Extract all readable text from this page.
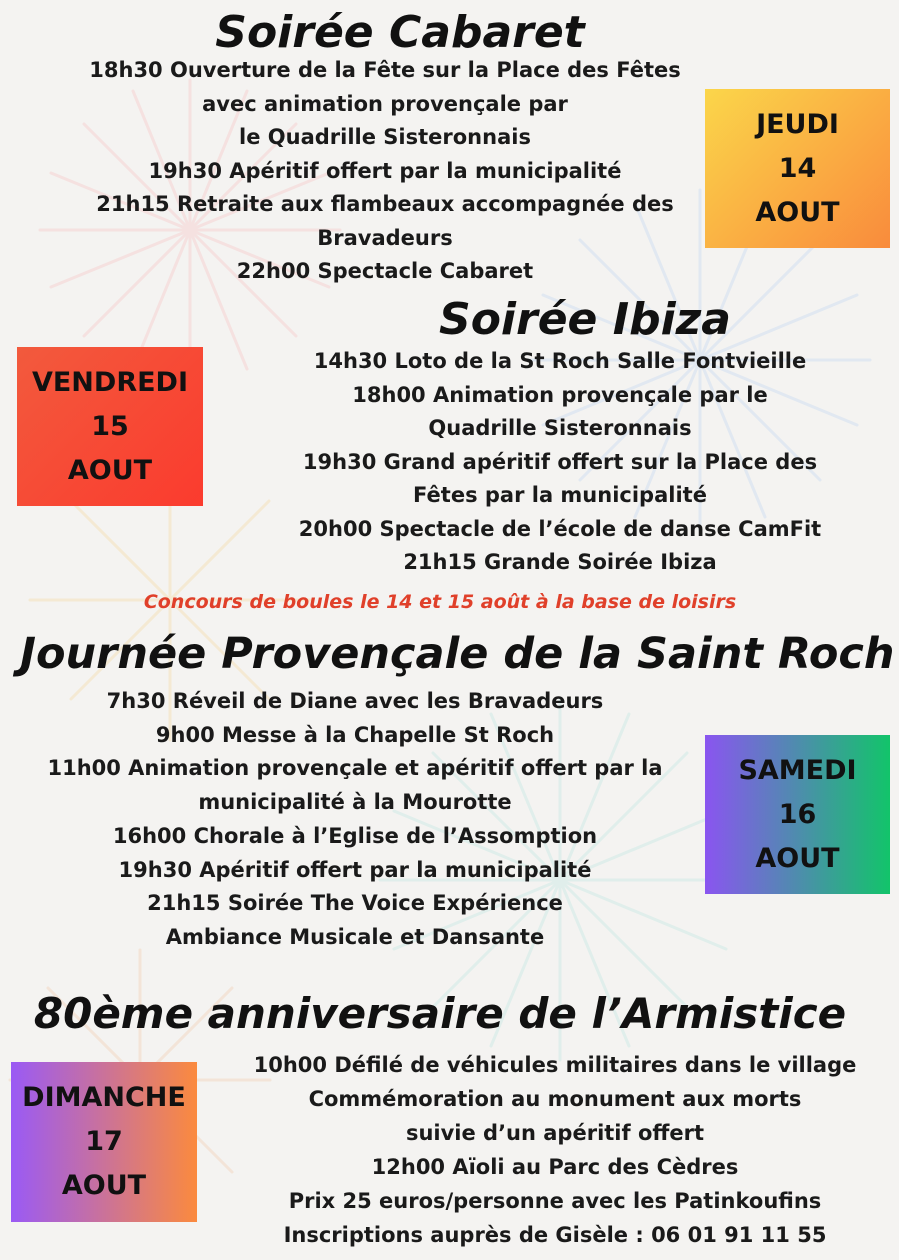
Soirée Cabaret
18h30 Ouverture de la Fête sur la Place des Fêtes
avec animation provençale par
le Quadrille Sisteronnais
19h30 Apéritif offert par la municipalité
21h15 Retraite aux flambeaux accompagnée des
Bravadeurs
22h00 Spectacle Cabaret
JEUDI
14
AOUT
Soirée Ibiza
VENDREDI
15
AOUT
14h30 Loto de la St Roch Salle Fontvieille
18h00 Animation provençale par le
Quadrille Sisteronnais
19h30 Grand apéritif offert sur la Place des
Fêtes par la municipalité
20h00 Spectacle de l’école de danse CamFit
21h15 Grande Soirée Ibiza
Concours de boules le 14 et 15 août à la base de loisirs
Journée Provençale de la Saint Roch
7h30 Réveil de Diane avec les Bravadeurs
9h00 Messe à la Chapelle St Roch
11h00 Animation provençale et apéritif offert par la
municipalité à la Mourotte
16h00 Chorale à l’Eglise de l’Assomption
19h30 Apéritif offert par la municipalité
21h15 Soirée The Voice Expérience
Ambiance Musicale et Dansante
SAMEDI
16
AOUT
80ème anniversaire de l’Armistice
DIMANCHE
17
AOUT
10h00 Défilé de véhicules militaires dans le village
Commémoration au monument aux morts
suivie d’un apéritif offert
12h00 Aïoli au Parc des Cèdres
Prix 25 euros/personne avec les Patinkoufins
Inscriptions auprès de Gisèle : 06 01 91 11 55
